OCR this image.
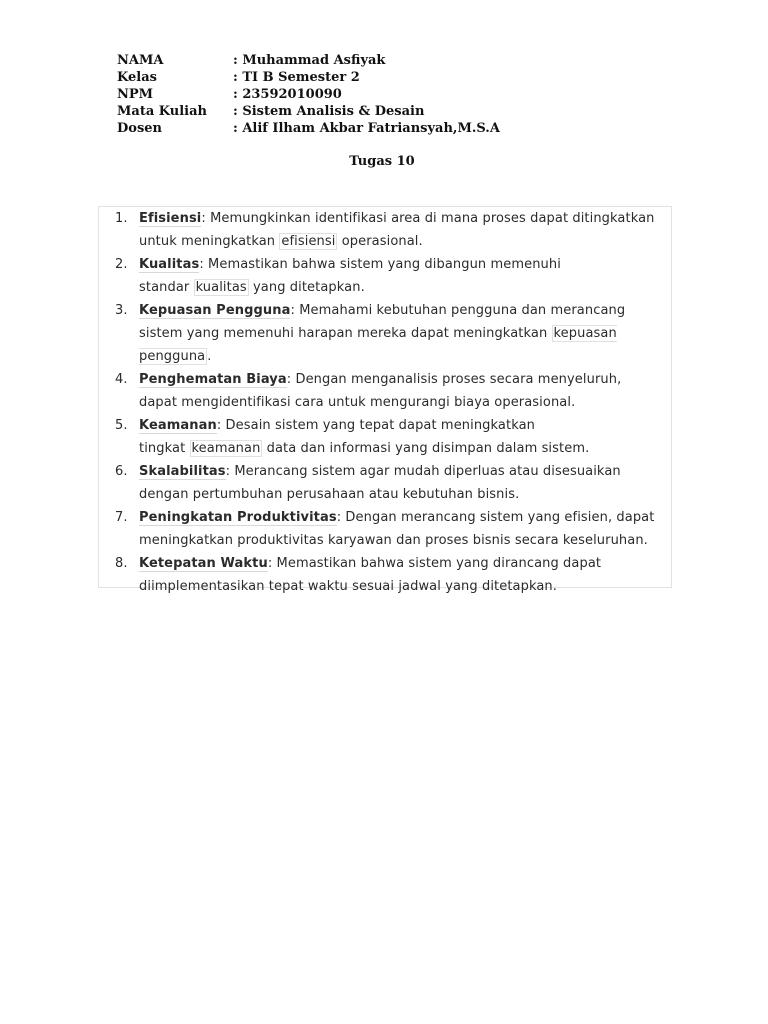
NAMA	: Muhammad Asfiyak
Kelas	: TI B Semester 2
NPM	: 23592010090
Mata Kuliah	: Sistem Analisis & Desain
Dosen	: Alif Ilham Akbar Fatriansyah,M.S.A
Tugas 10
1. Efisiensi: Memungkinkan identifikasi area di mana proses dapat ditingkatkan
untuk meningkatkan efisiensi operasional.
2. Kualitas: Memastikan bahwa sistem yang dibangun memenuhi
standar kualitas yang ditetapkan.
3. Kepuasan Pengguna: Memahami kebutuhan pengguna dan merancang
sistem yang memenuhi harapan mereka dapat meningkatkan kepuasan pengguna .
4. Penghematan Biaya: Dengan menganalisis proses secara menyeluruh,
dapat mengidentifikasi cara untuk mengurangi biaya operasional.
5. Keamanan: Desain sistem yang tepat dapat meningkatkan
tingkat keamanan data dan informasi yang disimpan dalam sistem.
6. Skalabilitas: Merancang sistem agar mudah diperluas atau disesuaikan
dengan pertumbuhan perusahaan atau kebutuhan bisnis.
7. Peningkatan Produktivitas: Dengan merancang sistem yang efisien, dapat
meningkatkan produktivitas karyawan dan proses bisnis secara keseluruhan.
8. Ketepatan Waktu: Memastikan bahwa sistem yang dirancang dapat
diimplementasikan tepat waktu sesuai jadwal yang ditetapkan.
